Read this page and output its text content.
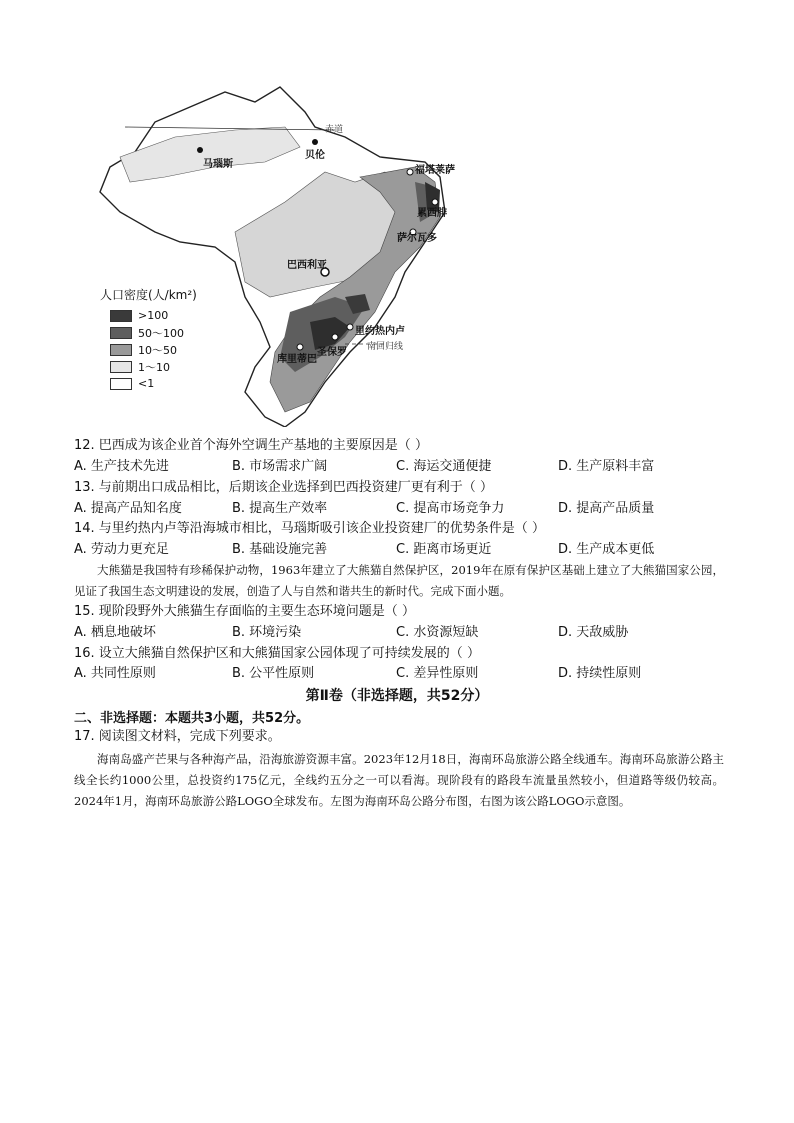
赤道
马瑙斯
贝伦
福塔莱萨
累西腓
萨尔瓦多
巴西利亚
里约热内卢
圣保罗
库里蒂巴
南回归线
人口密度(人/km²)
>100
50～100
10～50
1～10
<1
12. 巴西成为该企业首个海外空调生产基地的主要原因是（ ）
A. 生产技术先进	B. 市场需求广阔	C. 海运交通便捷	D. 生产原料丰富
13. 与前期出口成品相比，后期该企业选择到巴西投资建厂更有利于（ ）
A. 提高产品知名度	B. 提高生产效率	C. 提高市场竞争力	D. 提高产品质量
14. 与里约热内卢等沿海城市相比，马瑙斯吸引该企业投资建厂的优势条件是（ ）
A. 劳动力更充足	B. 基础设施完善	C. 距离市场更近	D. 生产成本更低
大熊猫是我国特有珍稀保护动物，1963年建立了大熊猫自然保护区，2019年在原有保护区基础上建立了大熊猫国家公园，见证了我国生态文明建设的发展，创造了人与自然和谐共生的新时代。完成下面小题。
15. 现阶段野外大熊猫生存面临的主要生态环境问题是（ ）
A. 栖息地破坏	B. 环境污染	C. 水资源短缺	D. 天敌威胁
16. 设立大熊猫自然保护区和大熊猫国家公园体现了可持续发展的（ ）
A. 共同性原则	B. 公平性原则	C. 差异性原则	D. 持续性原则
第Ⅱ卷（非选择题，共52分）
二、非选择题：本题共3小题，共52分。
17. 阅读图文材料，完成下列要求。
海南岛盛产芒果与各种海产品，沿海旅游资源丰富。2023年12月18日，海南环岛旅游公路全线通车。海南环岛旅游公路主线全长约1000公里，总投资约175亿元，全线约五分之一可以看海。现阶段有的路段车流量虽然较小，但道路等级仍较高。2024年1月，海南环岛旅游公路LOGO全球发布。左图为海南环岛公路分布图，右图为该公路LOGO示意图。
